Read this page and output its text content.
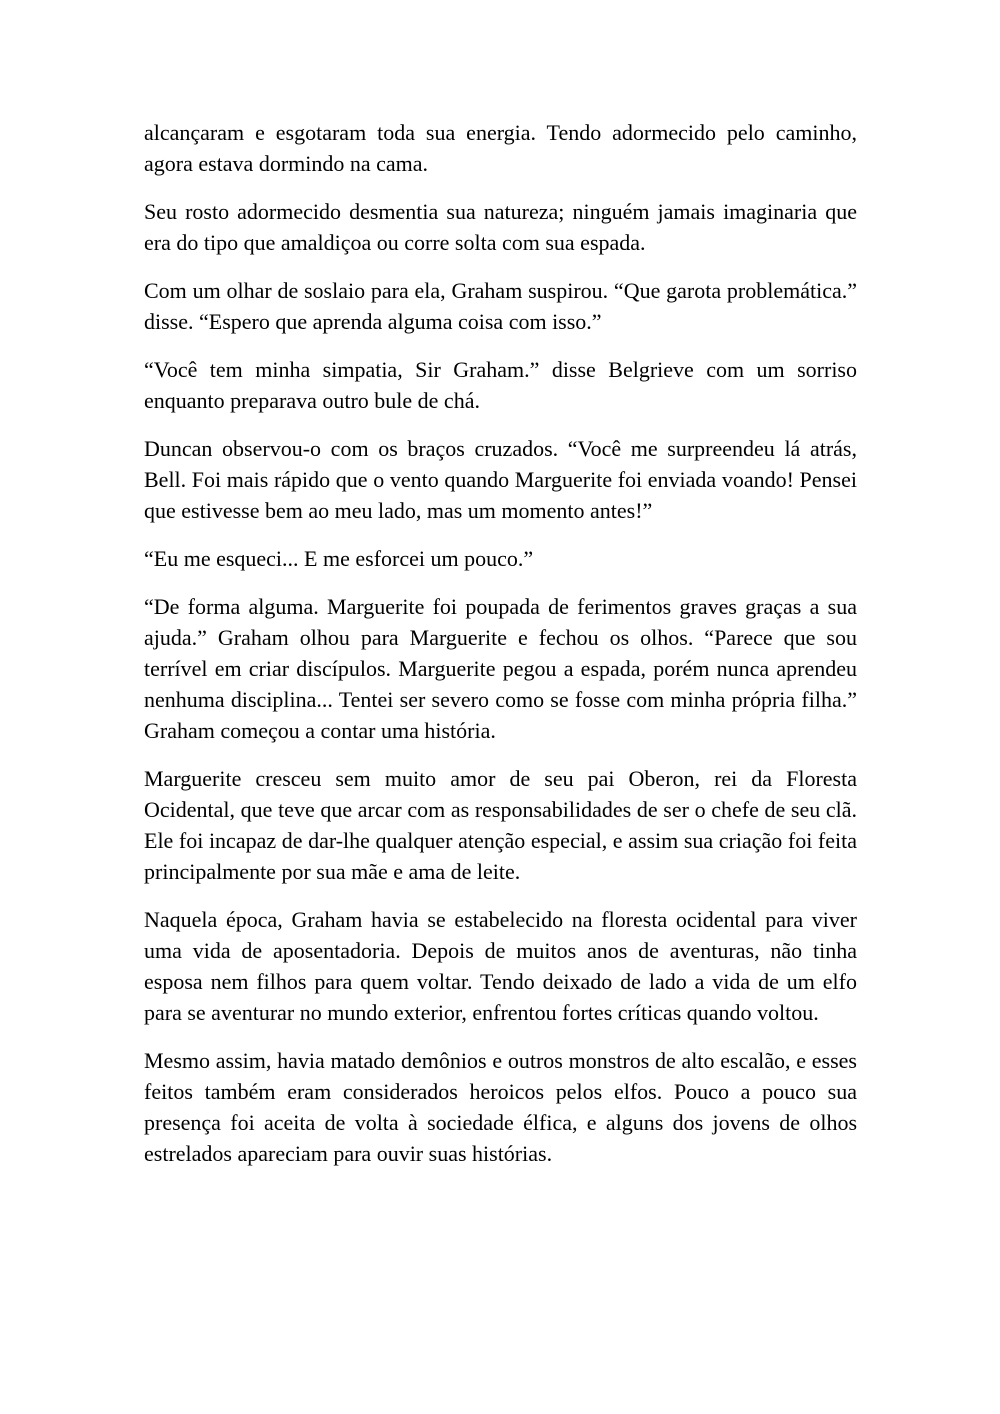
alcançaram e esgotaram toda sua energia. Tendo adormecido pelo caminho, agora estava dormindo na cama.

Seu rosto adormecido desmentia sua natureza; ninguém jamais imaginaria que era do tipo que amaldiçoa ou corre solta com sua espada.

Com um olhar de soslaio para ela, Graham suspirou. “Que garota problemática.” disse. “Espero que aprenda alguma coisa com isso.”

“Você tem minha simpatia, Sir Graham.” disse Belgrieve com um sorriso enquanto preparava outro bule de chá.

Duncan observou-o com os braços cruzados. “Você me surpreendeu lá atrás, Bell. Foi mais rápido que o vento quando Marguerite foi enviada voando! Pensei que estivesse bem ao meu lado, mas um momento antes!”

“Eu me esqueci... E me esforcei um pouco.”

“De forma alguma. Marguerite foi poupada de ferimentos graves graças a sua ajuda.” Graham olhou para Marguerite e fechou os olhos. “Parece que sou terrível em criar discípulos. Marguerite pegou a espada, porém nunca aprendeu nenhuma disciplina... Tentei ser severo como se fosse com minha própria filha.” Graham começou a contar uma história.

Marguerite cresceu sem muito amor de seu pai Oberon, rei da Floresta Ocidental, que teve que arcar com as responsabilidades de ser o chefe de seu clã. Ele foi incapaz de dar-lhe qualquer atenção especial, e assim sua criação foi feita principalmente por sua mãe e ama de leite.

Naquela época, Graham havia se estabelecido na floresta ocidental para viver uma vida de aposentadoria. Depois de muitos anos de aventuras, não tinha esposa nem filhos para quem voltar. Tendo deixado de lado a vida de um elfo para se aventurar no mundo exterior, enfrentou fortes críticas quando voltou.

Mesmo assim, havia matado demônios e outros monstros de alto escalão, e esses feitos também eram considerados heroicos pelos elfos. Pouco a pouco sua presença foi aceita de volta à sociedade élfica, e alguns dos jovens de olhos estrelados apareciam para ouvir suas histórias.
